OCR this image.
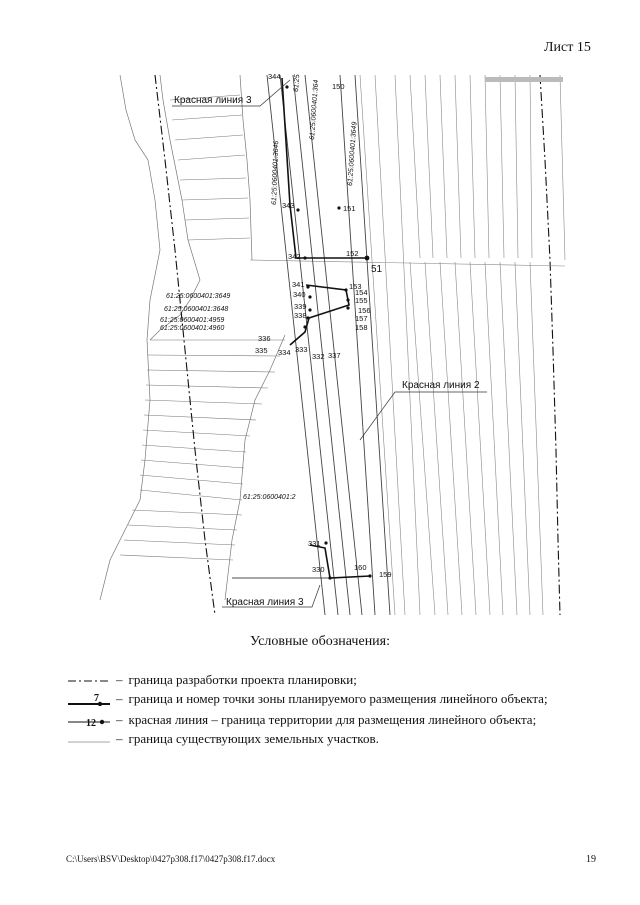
Лист 15
Красная линия 3
Красная линия 2
Красная линия 3
61:25:0600401:3649
61:25:0600401:3648
61:25:0600401:4959
61:25:0600401:4960
61:25:0600401:2
61:25:0600401:3646	61:25:0600401:3649
61:25:0600401:364
61:25
344
150
343	151
342	152
51
341	153
340	154
155
339	156
338	157
158
336
335 334 333
332 337
331
330	160
159
Условные обозначения:
– граница разработки проекта планировки;
7 – граница и номер точки зоны планируемого размещения линейного объекта;
12 – красная линия – граница территории для размещения линейного объекта;
– граница существующих земельных участков.
C:\Users\BSV\Desktop\0427p308.f17\0427p308.f17.docx	19
